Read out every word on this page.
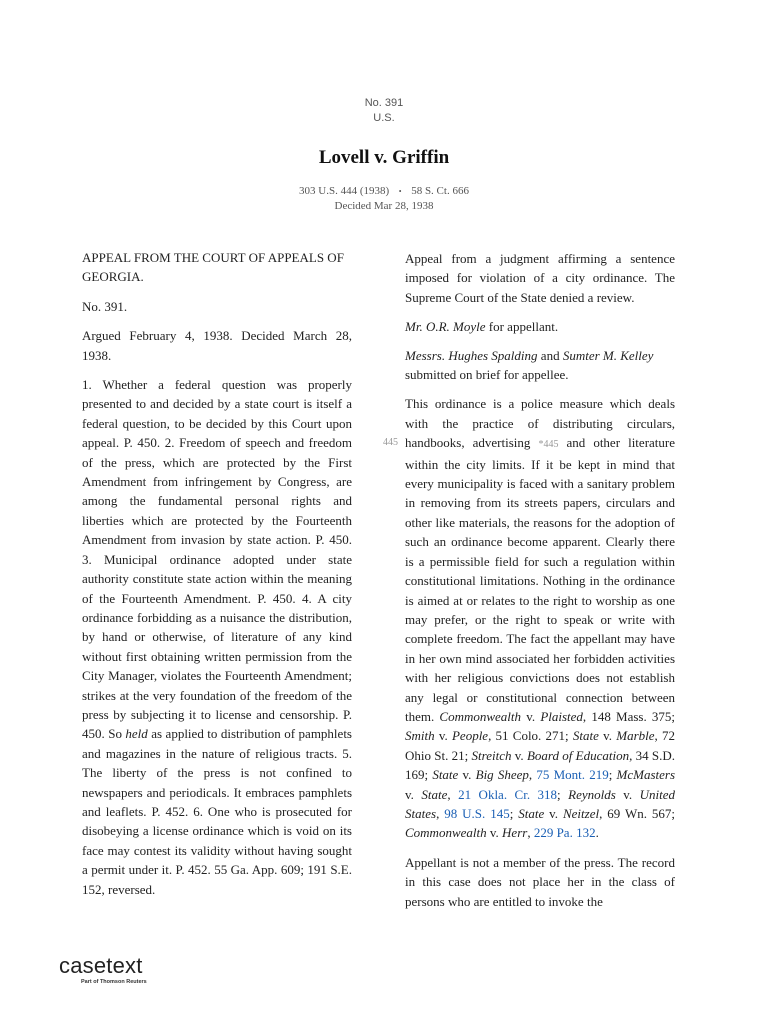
No. 391
U.S.
Lovell v. Griffin
303 U.S. 444 (1938) • 58 S. Ct. 666
Decided Mar 28, 1938

APPEAL FROM THE COURT OF APPEALS OF GEORGIA.

No. 391.

Argued February 4, 1938. Decided March 28, 1938.

1. Whether a federal question was properly presented to and decided by a state court is itself a federal question, to be decided by this Court upon appeal. P. 450. 2. Freedom of speech and freedom of the press, which are protected by the First Amendment from infringement by Congress, are among the fundamental personal rights and liberties which are protected by the Fourteenth Amendment from invasion by state action. P. 450. 3. Municipal ordinance adopted under state authority constitute state action within the meaning of the Fourteenth Amendment. P. 450. 4. A city ordinance forbidding as a nuisance the distribution, by hand or otherwise, of literature of any kind without first obtaining written permission from the City Manager, violates the Fourteenth Amendment; strikes at the very foundation of the freedom of the press by subjecting it to license and censorship. P. 450. So held as applied to distribution of pamphlets and magazines in the nature of religious tracts. 5. The liberty of the press is not confined to newspapers and periodicals. It embraces pamphlets and leaflets. P. 452. 6. One who is prosecuted for disobeying a license ordinance which is void on its face may contest its validity without having sought a permit under it. P. 452. 55 Ga. App. 609; 191 S.E. 152, reversed.

445

Appeal from a judgment affirming a sentence imposed for violation of a city ordinance. The Supreme Court of the State denied a review.

Mr. O.R. Moyle for appellant.

Messrs. Hughes Spalding and Sumter M. Kelley submitted on brief for appellee.

This ordinance is a police measure which deals with the practice of distributing circulars, handbooks, advertising *445 and other literature within the city limits. If it be kept in mind that every municipality is faced with a sanitary problem in removing from its streets papers, circulars and other like materials, the reasons for the adoption of such an ordinance become apparent. Clearly there is a permissible field for such a regulation within constitutional limitations. Nothing in the ordinance is aimed at or relates to the right to worship as one may prefer, or the right to speak or write with complete freedom. The fact the appellant may have in her own mind associated her forbidden activities with her religious convictions does not establish any legal or constitutional connection between them. Commonwealth v. Plaisted, 148 Mass. 375; Smith v. People, 51 Colo. 271; State v. Marble, 72 Ohio St. 21; Streitch v. Board of Education, 34 S.D. 169; State v. Big Sheep, 75 Mont. 219; McMasters v. State, 21 Okla. Cr. 318; Reynolds v. United States, 98 U.S. 145; State v. Neitzel, 69 Wn. 567; Commonwealth v. Herr, 229 Pa. 132.

Appellant is not a member of the press. The record in this case does not place her in the class of persons who are entitled to invoke the

casetext
Part of Thomson Reuters
